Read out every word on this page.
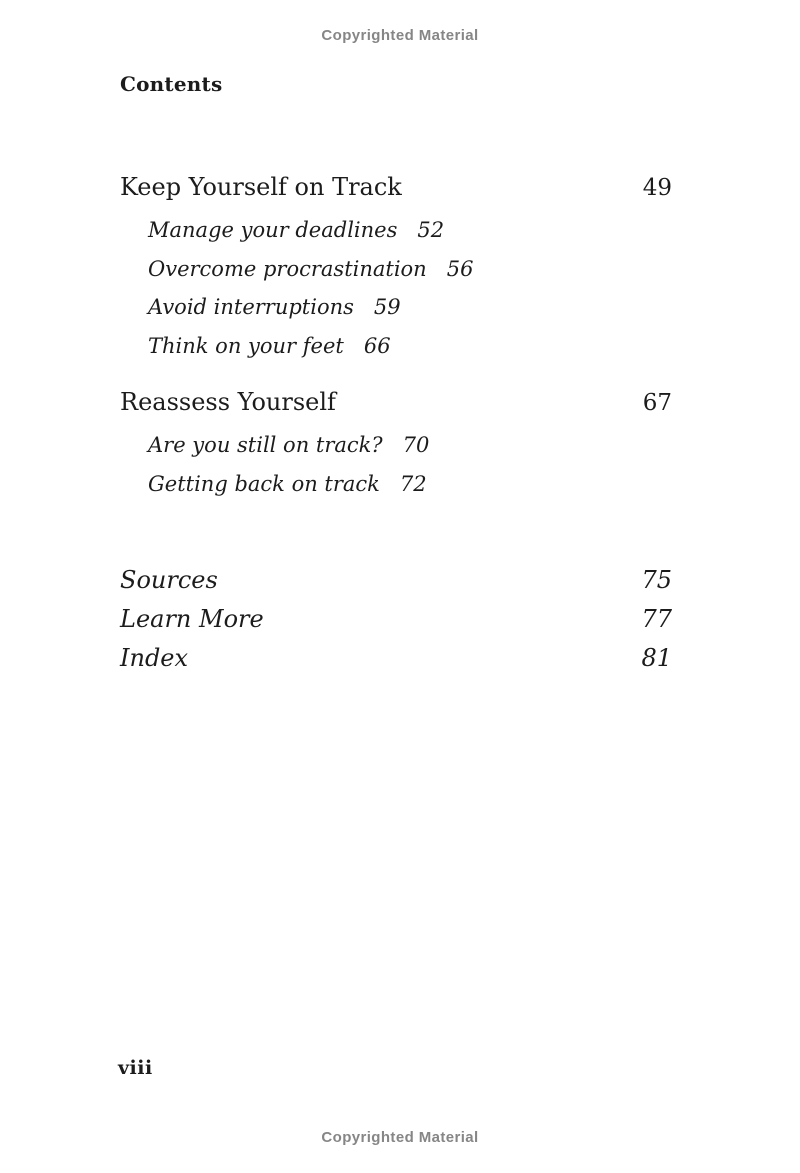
Copyrighted Material
Contents
Keep Yourself on Track	49
Manage your deadlines 52
Overcome procrastination 56
Avoid interruptions 59
Think on your feet 66
Reassess Yourself	67
Are you still on track? 70
Getting back on track 72
Sources	75
Learn More	77
Index	81
viii
Copyrighted Material
